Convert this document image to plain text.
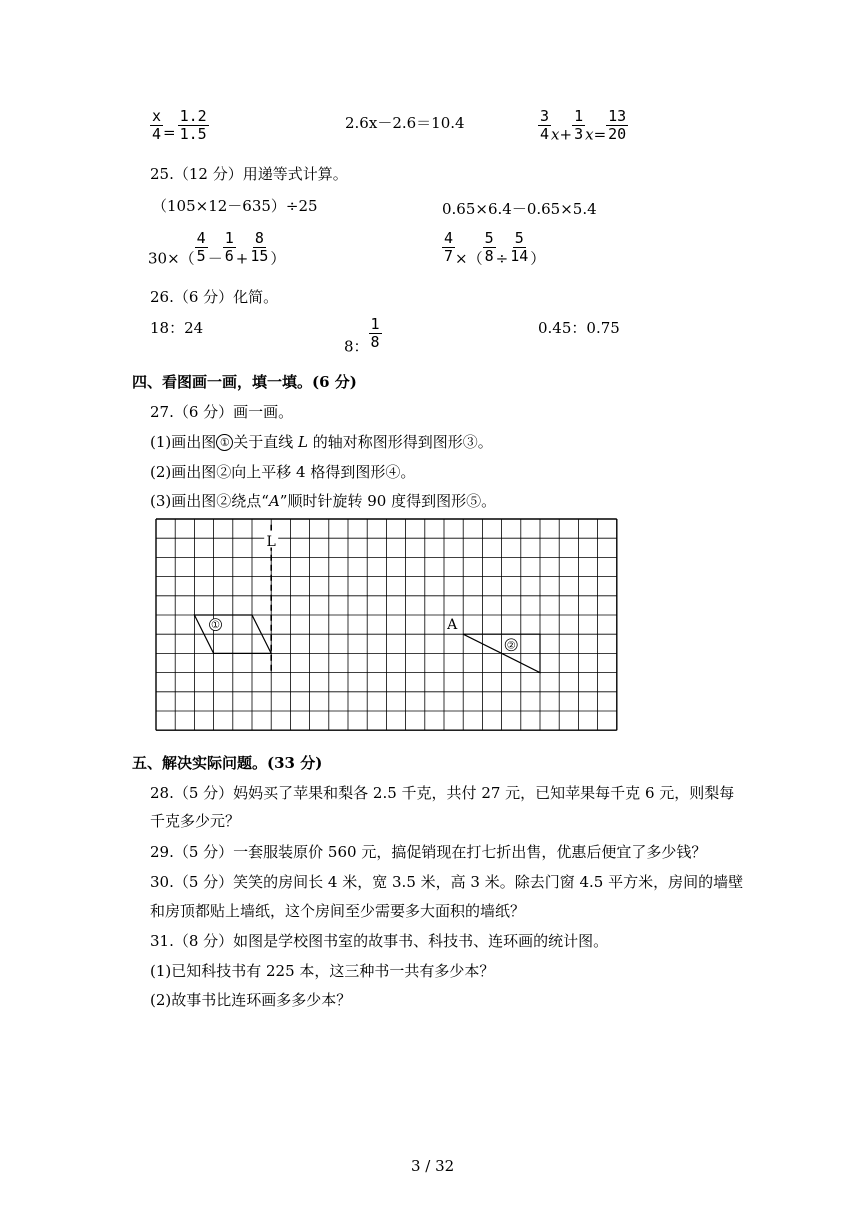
$\frac{x}{4} = \frac{1.2}{1.5}$	2.6x－2.6＝10.4	$\frac{3}{4} x+ \frac{1}{3} x= \frac{13}{20}$
25.（12 分）用递等式计算。
（105×12－635）÷25	0.65×6.4－0.65×5.4
$30\times( \frac{4}{5} - \frac{1}{6} + \frac{8}{15}$ ）	$\frac{4}{7}$ ×（ $\frac{5}{8} \div \frac{5}{14}$ ）
26.（6 分）化简。
18：24
8： $\frac{1}{8}$	0.45：0.75
四、看图画一画，填一填。(6 分)
27.（6 分）画一画。
(1)画出图 ① 关于直线 L 的轴对称图形得到图形③。
(2)画出图②向上平移 4 格得到图形④。
(3)画出图②绕点“A”顺时针旋转 90 度得到图形⑤。
L
①
②
A
五、解决实际问题。(33 分)
28.（5 分）妈妈买了苹果和梨各 2.5 千克，共付 27 元，已知苹果每千克 6 元，则梨每
千克多少元？
29.（5 分）一套服装原价 560 元，搞促销现在打七折出售，优惠后便宜了多少钱？
30.（5 分）笑笑的房间长 4 米，宽 3.5 米，高 3 米。除去门窗 4.5 平方米，房间的墙壁
和房顶都贴上墙纸，这个房间至少需要多大面积的墙纸？
31.（8 分）如图是学校图书室的故事书、科技书、连环画的统计图。
(1)已知科技书有 225 本，这三种书一共有多少本？
(2)故事书比连环画多多少本？
3 / 32
